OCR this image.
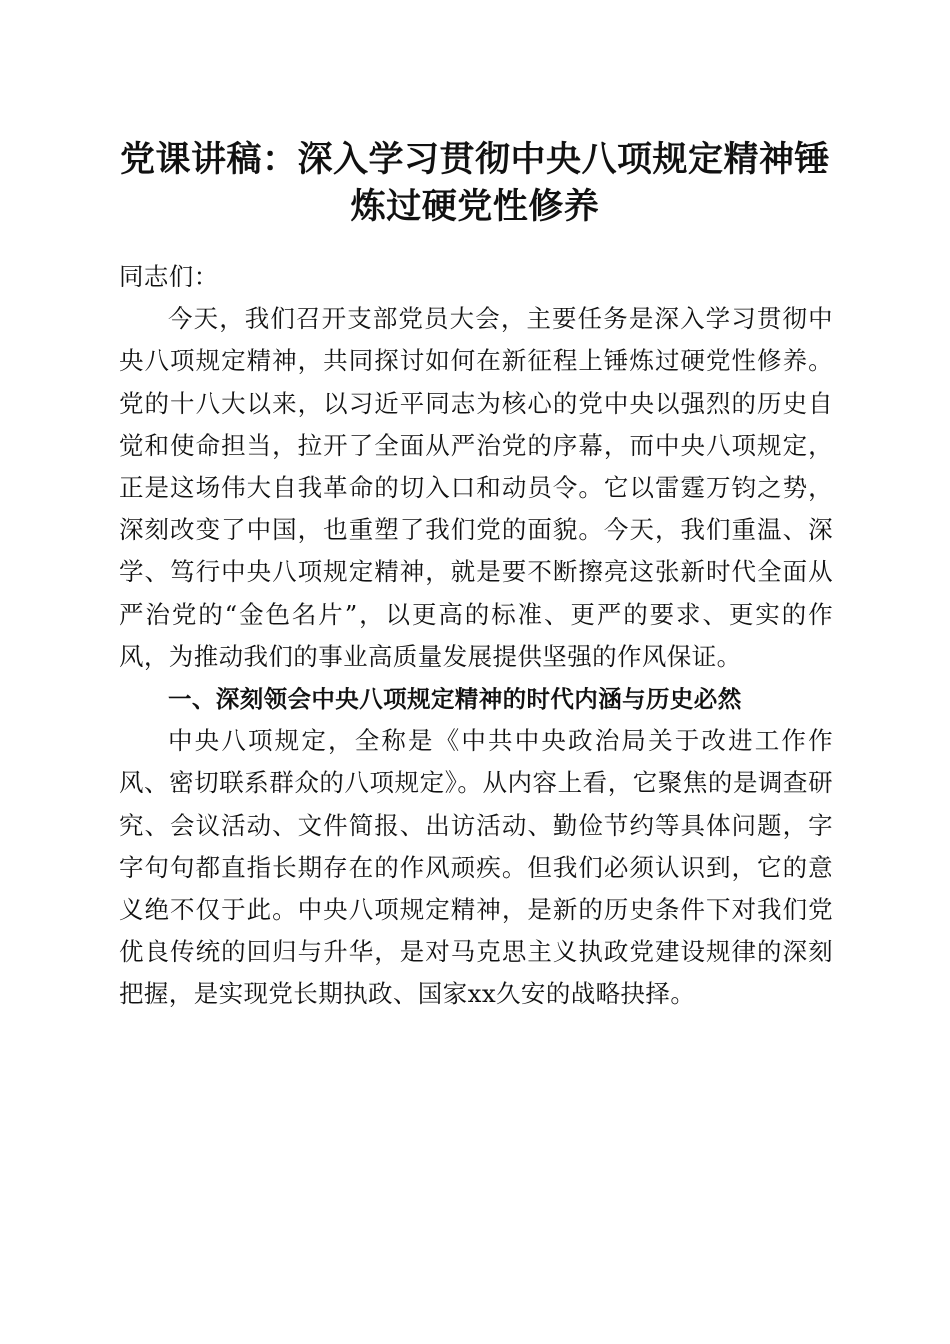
党课讲稿：深入学习贯彻中央八项规定精神锤
炼过硬党性修养

同志们：

今天，我们召开支部党员大会，主要任务是深入学习贯彻中央八项规定精神，共同探讨如何在新征程上锤炼过硬党性修养。党的十八大以来，以习近平同志为核心的党中央以强烈的历史自觉和使命担当，拉开了全面从严治党的序幕，而中央八项规定，正是这场伟大自我革命的切入口和动员令。它以雷霆万钧之势，深刻改变了中国，也重塑了我们党的面貌。今天，我们重温、深学、笃行中央八项规定精神，就是要不断擦亮这张新时代全面从严治党的“金色名片”，以更高的标准、更严的要求、更实的作风，为推动我们的事业高质量发展提供坚强的作风保证。

一、深刻领会中央八项规定精神的时代内涵与历史必然

中央八项规定，全称是《中共中央政治局关于改进工作作风、密切联系群众的八项规定》。从内容上看，它聚焦的是调查研究、会议活动、文件简报、出访活动、勤俭节约等具体问题，字字句句都直指长期存在的作风顽疾。但我们必须认识到，它的意义绝不仅于此。中央八项规定精神，是新的历史条件下对我们党优良传统的回归与升华，是对马克思主义执政党建设规律的深刻把握，是实现党长期执政、国家xx久安的战略抉择。
